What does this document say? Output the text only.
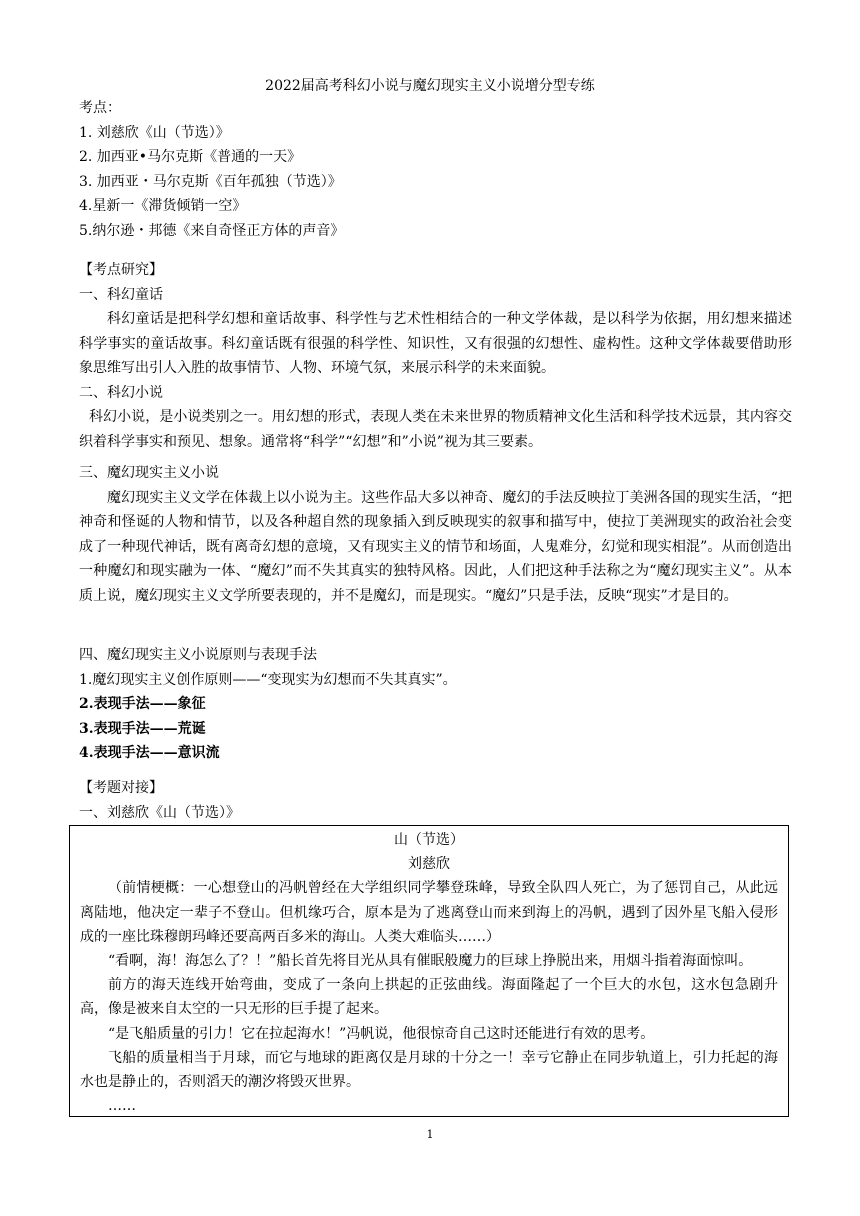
2022届高考科幻小说与魔幻现实主义小说增分型专练
考点：
1. 刘慈欣《山（节选）》
2. 加西亚•马尔克斯《普通的一天》
3. 加西亚・马尔克斯《百年孤独（节选）》
4.星新一《滞货倾销一空》
5.纳尔逊・邦德《来自奇怪正方体的声音》
【考点研究】
一、科幻童话
科幻童话是把科学幻想和童话故事、科学性与艺术性相结合的一种文学体裁，是以科学为依据，用幻想来描述科学事实的童话故事。科幻童话既有很强的科学性、知识性，又有很强的幻想性、虚构性。这种文学体裁要借助形象思维写出引人入胜的故事情节、人物、环境气氛，来展示科学的未来面貌。
二、科幻小说
科幻小说，是小说类别之一。用幻想的形式，表现人类在未来世界的物质精神文化生活和科学技术远景，其内容交织着科学事实和预见、想象。通常将“科学”“幻想”和”小说”视为其三要素。
三、魔幻现实主义小说
魔幻现实主义文学在体裁上以小说为主。这些作品大多以神奇、魔幻的手法反映拉丁美洲各国的现实生活，“把神奇和怪诞的人物和情节，以及各种超自然的现象插入到反映现实的叙事和描写中，使拉丁美洲现实的政治社会变成了一种现代神话，既有离奇幻想的意境，又有现实主义的情节和场面，人鬼难分，幻觉和现实相混”。从而创造出一种魔幻和现实融为一体、“魔幻”而不失其真实的独特风格。因此，人们把这种手法称之为“魔幻现实主义”。从本质上说，魔幻现实主义文学所要表现的，并不是魔幻，而是现实。“魔幻”只是手法，反映“现实”才是目的。
四、魔幻现实主义小说原则与表现手法
1.魔幻现实主义创作原则——“变现实为幻想而不失其真实”。
2.表现手法——象征
3.表现手法——荒诞
4.表现手法——意识流
【考题对接】
一、刘慈欣《山（节选）》
山（节选）
刘慈欣
（前情梗概：一心想登山的冯帆曾经在大学组织同学攀登珠峰，导致全队四人死亡，为了惩罚自己，从此远离陆地，他决定一辈子不登山。但机缘巧合，原本是为了逃离登山而来到海上的冯帆，遇到了因外星飞船入侵形成的一座比珠穆朗玛峰还要高两百多米的海山。人类大难临头……）
“看啊，海！海怎么了？！”船长首先将目光从具有催眠般魔力的巨球上挣脱出来，用烟斗指着海面惊叫。
前方的海天连线开始弯曲，变成了一条向上拱起的正弦曲线。海面隆起了一个巨大的水包，这水包急剧升高，像是被来自太空的一只无形的巨手提了起来。
“是飞船质量的引力！它在拉起海水！”冯帆说，他很惊奇自己这时还能进行有效的思考。
飞船的质量相当于月球，而它与地球的距离仅是月球的十分之一！幸亏它静止在同步轨道上，引力托起的海水也是静止的，否则滔天的潮汐将毁灭世界。
……
1
